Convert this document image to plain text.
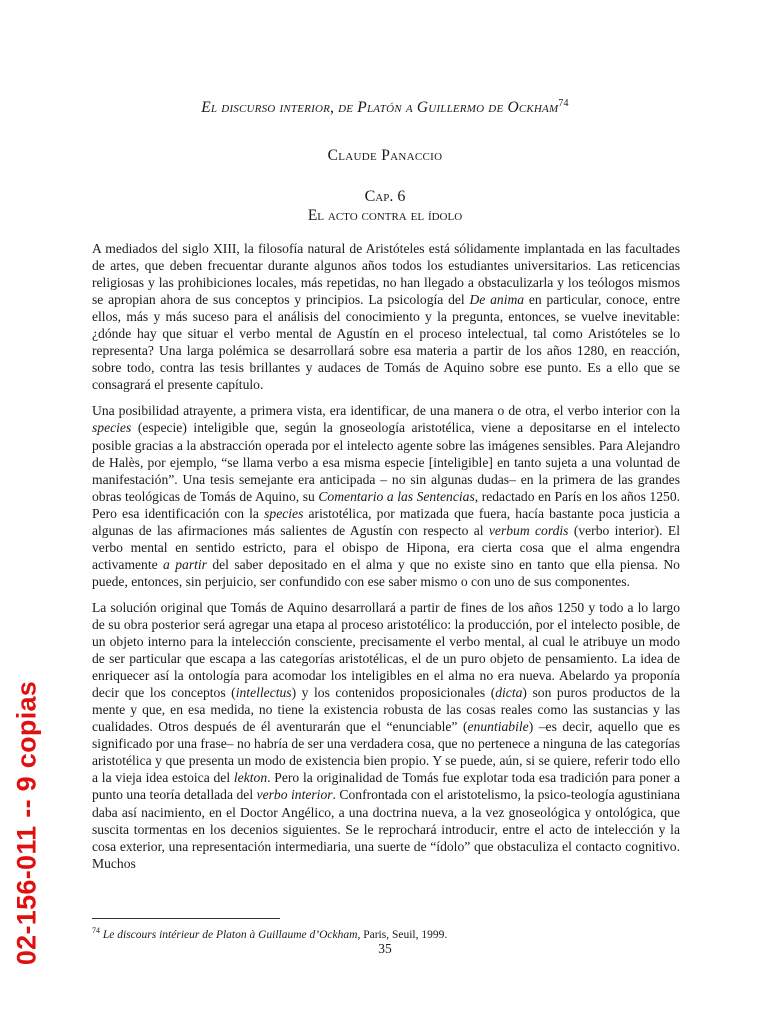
El discurso interior, de Platón a Guillermo de Ockham$^{74}$
Claude Panaccio
Cap. 6
El acto contra el ídolo

A mediados del siglo XIII, la filosofía natural de Aristóteles está sólidamente implantada en las facultades de artes, que deben frecuentar durante algunos años todos los estudiantes universitarios. Las reticencias religiosas y las prohibiciones locales, más repetidas, no han llegado a obstaculizarla y los teólogos mismos se apropian ahora de sus conceptos y principios. La psicología del De anima en particular, conoce, entre ellos, más y más suceso para el análisis del conocimiento y la pregunta, entonces, se vuelve inevitable: ¿dónde hay que situar el verbo mental de Agustín en el proceso intelectual, tal como Aristóteles se lo representa? Una larga polémica se desarrollará sobre esa materia a partir de los años 1280, en reacción, sobre todo, contra las tesis brillantes y audaces de Tomás de Aquino sobre ese punto. Es a ello que se consagrará el presente capítulo.

Una posibilidad atrayente, a primera vista, era identificar, de una manera o de otra, el verbo interior con la species (especie) inteligible que, según la gnoseología aristotélica, viene a depositarse en el intelecto posible gracias a la abstracción operada por el intelecto agente sobre las imágenes sensibles. Para Alejandro de Halès, por ejemplo, “se llama verbo a esa misma especie [inteligible] en tanto sujeta a una voluntad de manifestación”. Una tesis semejante era anticipada – no sin algunas dudas– en la primera de las grandes obras teológicas de Tomás de Aquino, su Comentario a las Sentencias, redactado en París en los años 1250. Pero esa identificación con la species aristotélica, por matizada que fuera, hacía bastante poca justicia a algunas de las afirmaciones más salientes de Agustín con respecto al verbum cordis (verbo interior). El verbo mental en sentido estricto, para el obispo de Hipona, era cierta cosa que el alma engendra activamente a partir del saber depositado en el alma y que no existe sino en tanto que ella piensa. No puede, entonces, sin perjuicio, ser confundido con ese saber mismo o con uno de sus componentes.

La solución original que Tomás de Aquino desarrollará a partir de fines de los años 1250 y todo a lo largo de su obra posterior será agregar una etapa al proceso aristotélico: la producción, por el intelecto posible, de un objeto interno para la intelección consciente, precisamente el verbo mental, al cual le atribuye un modo de ser particular que escapa a las categorías aristotélicas, el de un puro objeto de pensamiento. La idea de enriquecer así la ontología para acomodar los inteligibles en el alma no era nueva. Abelardo ya proponía decir que los conceptos (intellectus) y los contenidos proposicionales (dicta) son puros productos de la mente y que, en esa medida, no tiene la existencia robusta de las cosas reales como las sustancias y las cualidades. Otros después de él aventurarán que el “enunciable” (enuntiabile) –es decir, aquello que es significado por una frase– no habría de ser una verdadera cosa, que no pertenece a ninguna de las categorías aristotélica y que presenta un modo de existencia bien propio. Y se puede, aún, si se quiere, referir todo ello a la vieja idea estoica del lekton. Pero la originalidad de Tomás fue explotar toda esa tradición para poner a punto una teoría detallada del verbo interior. Confrontada con el aristotelismo, la psico-teología agustiniana daba así nacimiento, en el Doctor Angélico, a una doctrina nueva, a la vez gnoseológica y ontológica, que suscita tormentas en los decenios siguientes. Se le reprochará introducir, entre el acto de intelección y la cosa exterior, una representación intermediaria, una suerte de “ídolo” que obstaculiza el contacto cognitivo. Muchos

$^{74}$ Le discours intérieur de Platon à Guillaume d’Ockham, Paris, Seuil, 1999.
35
02-156-011 -- 9 copias
